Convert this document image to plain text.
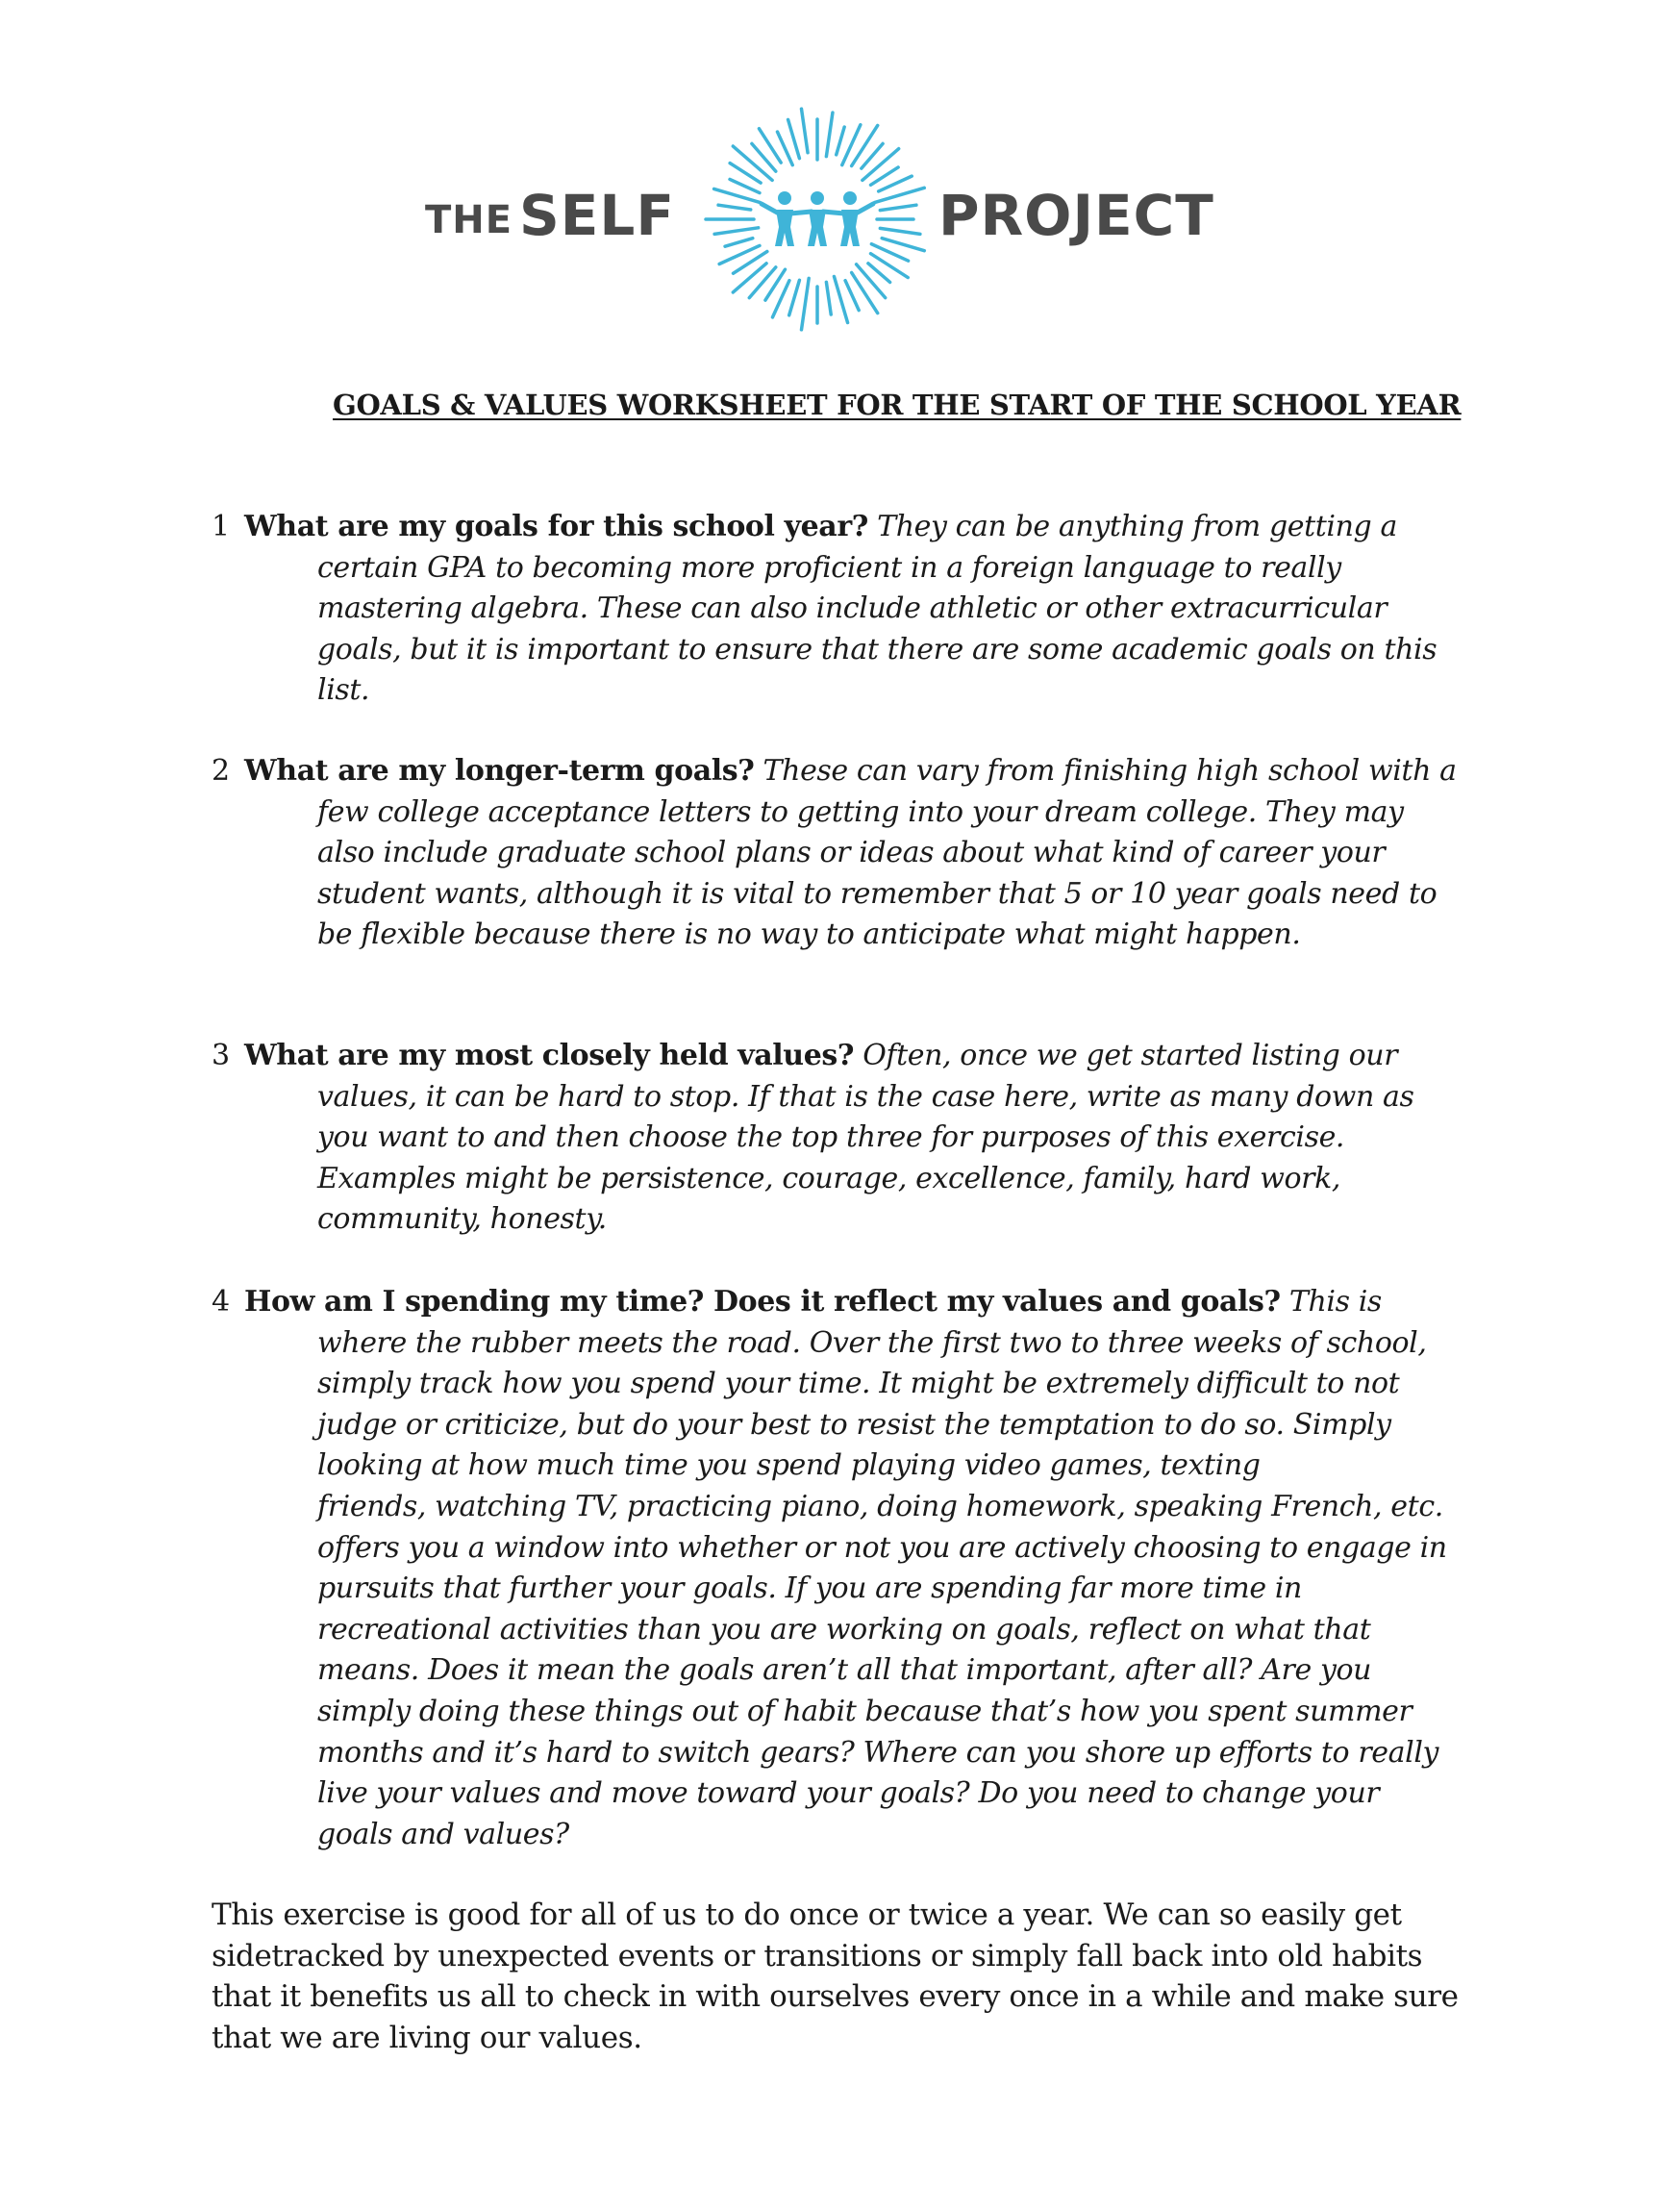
THE SELF	PROJECT
GOALS & VALUES WORKSHEET FOR THE START OF THE SCHOOL YEAR
1 What are my goals for this school year? They can be anything from getting a
certain GPA to becoming more proficient in a foreign language to really
mastering algebra. These can also include athletic or other extracurricular
goals, but it is important to ensure that there are some academic goals on this
list.
2 What are my longer-term goals? These can vary from finishing high school with a
few college acceptance letters to getting into your dream college. They may
also include graduate school plans or ideas about what kind of career your
student wants, although it is vital to remember that 5 or 10 year goals need to
be flexible because there is no way to anticipate what might happen.
3 What are my most closely held values? Often, once we get started listing our
values, it can be hard to stop. If that is the case here, write as many down as
you want to and then choose the top three for purposes of this exercise.
Examples might be persistence, courage, excellence, family, hard work,
community, honesty.
4 How am I spending my time? Does it reflect my values and goals? This is
where the rubber meets the road. Over the first two to three weeks of school,
simply track how you spend your time. It might be extremely difficult to not
judge or criticize, but do your best to resist the temptation to do so. Simply
looking at how much time you spend playing video games, texting
friends, watching TV, practicing piano, doing homework, speaking French, etc.
offers you a window into whether or not you are actively choosing to engage in
pursuits that further your goals. If you are spending far more time in
recreational activities than you are working on goals, reflect on what that
means. Does it mean the goals aren’t all that important, after all? Are you
simply doing these things out of habit because that’s how you spent summer
months and it’s hard to switch gears? Where can you shore up efforts to really
live your values and move toward your goals? Do you need to change your
goals and values?
This exercise is good for all of us to do once or twice a year. We can so easily get
sidetracked by unexpected events or transitions or simply fall back into old habits
that it benefits us all to check in with ourselves every once in a while and make sure
that we are living our values.
